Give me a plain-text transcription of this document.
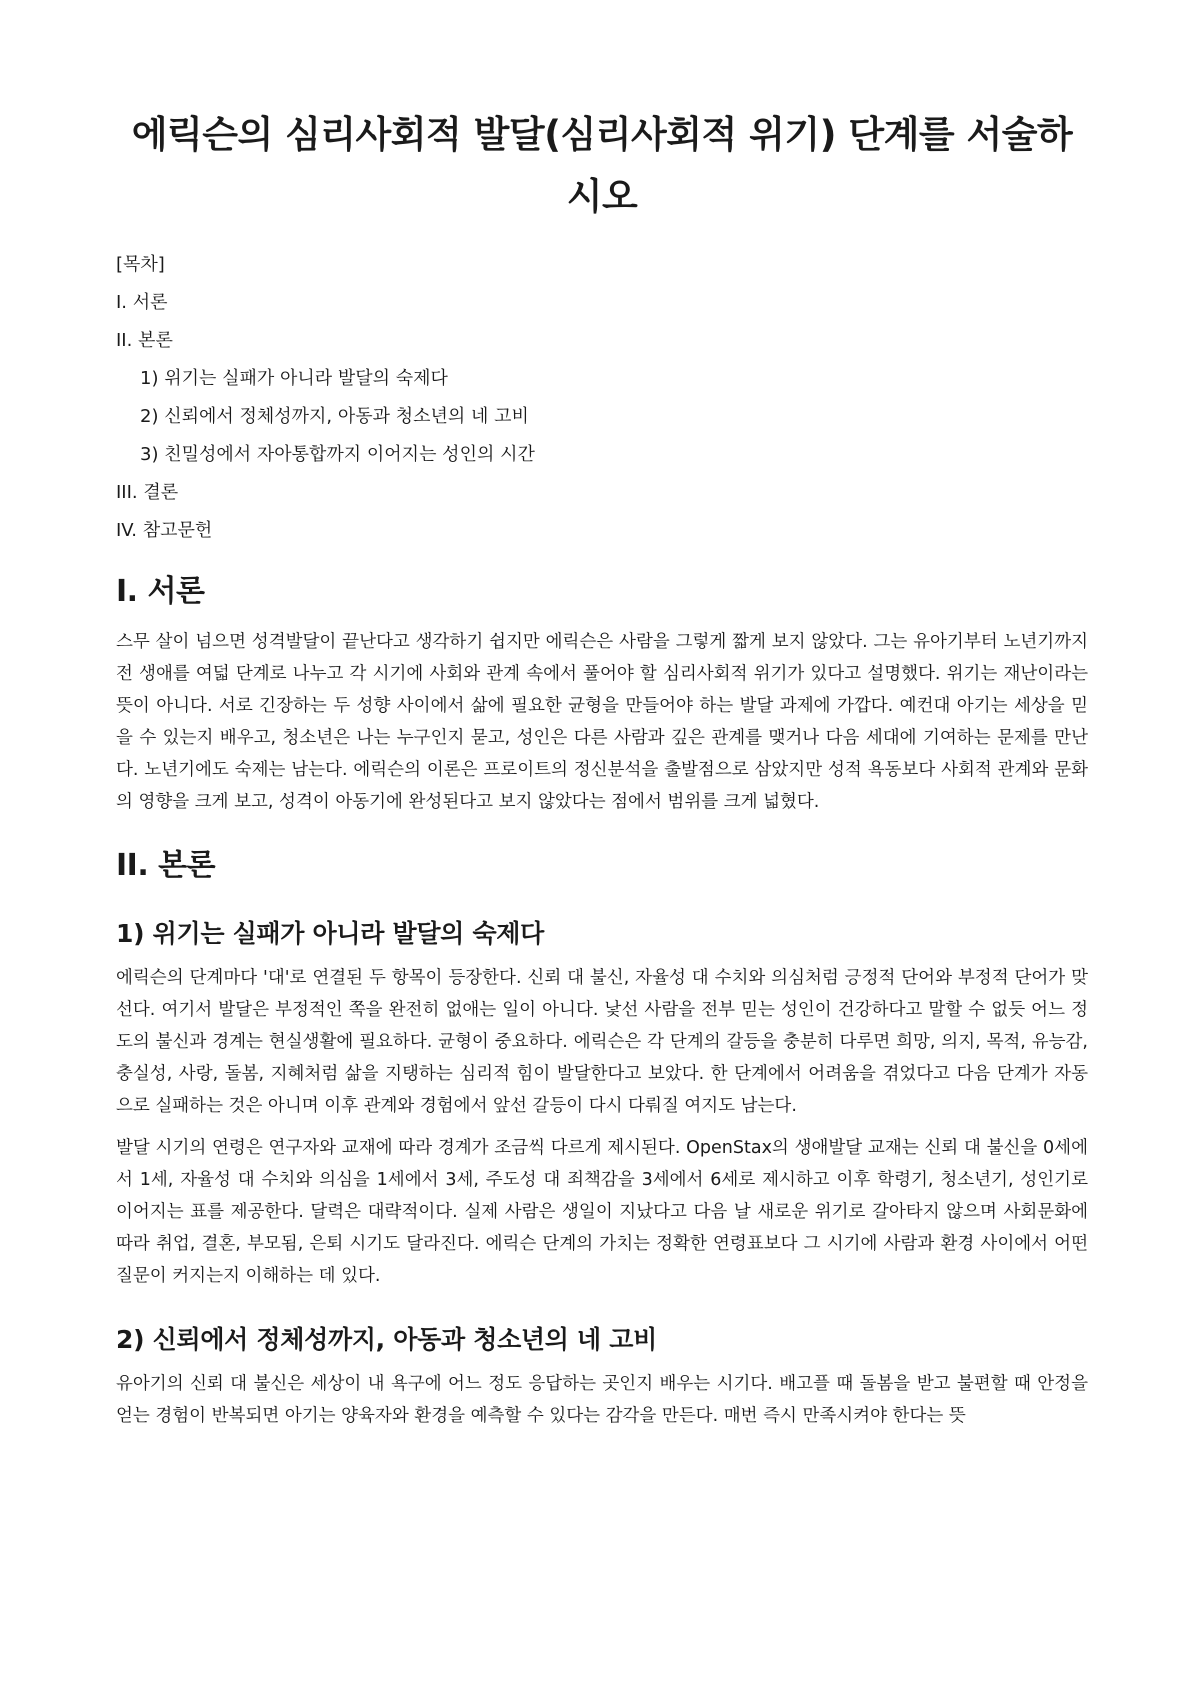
에릭슨의 심리사회적 발달(심리사회적 위기) 단계를 서술하시오
[목차]
I. 서론
II. 본론
1) 위기는 실패가 아니라 발달의 숙제다
2) 신뢰에서 정체성까지, 아동과 청소년의 네 고비
3) 친밀성에서 자아통합까지 이어지는 성인의 시간
III. 결론
IV. 참고문헌
I. 서론

스무 살이 넘으면 성격발달이 끝난다고 생각하기 쉽지만 에릭슨은 사람을 그렇게 짧게 보지 않았다. 그는 유아기부터 노년기까지 전 생애를 여덟 단계로 나누고 각 시기에 사회와 관계 속에서 풀어야 할 심리사회적 위기가 있다고 설명했다. 위기는 재난이라는 뜻이 아니다. 서로 긴장하는 두 성향 사이에서 삶에 필요한 균형을 만들어야 하는 발달 과제에 가깝다. 예컨대 아기는 세상을 믿을 수 있는지 배우고, 청소년은 나는 누구인지 묻고, 성인은 다른 사람과 깊은 관계를 맺거나 다음 세대에 기여하는 문제를 만난다. 노년기에도 숙제는 남는다. 에릭슨의 이론은 프로이트의 정신분석을 출발점으로 삼았지만 성적 욕동보다 사회적 관계와 문화의 영향을 크게 보고, 성격이 아동기에 완성된다고 보지 않았다는 점에서 범위를 크게 넓혔다.

II. 본론
1) 위기는 실패가 아니라 발달의 숙제다

에릭슨의 단계마다 '대'로 연결된 두 항목이 등장한다. 신뢰 대 불신, 자율성 대 수치와 의심처럼 긍정적 단어와 부정적 단어가 맞선다. 여기서 발달은 부정적인 쪽을 완전히 없애는 일이 아니다. 낯선 사람을 전부 믿는 성인이 건강하다고 말할 수 없듯 어느 정도의 불신과 경계는 현실생활에 필요하다. 균형이 중요하다. 에릭슨은 각 단계의 갈등을 충분히 다루면 희망, 의지, 목적, 유능감, 충실성, 사랑, 돌봄, 지혜처럼 삶을 지탱하는 심리적 힘이 발달한다고 보았다. 한 단계에서 어려움을 겪었다고 다음 단계가 자동으로 실패하는 것은 아니며 이후 관계와 경험에서 앞선 갈등이 다시 다뤄질 여지도 남는다.

발달 시기의 연령은 연구자와 교재에 따라 경계가 조금씩 다르게 제시된다. OpenStax의 생애발달 교재는 신뢰 대 불신을 0세에서 1세, 자율성 대 수치와 의심을 1세에서 3세, 주도성 대 죄책감을 3세에서 6세로 제시하고 이후 학령기, 청소년기, 성인기로 이어지는 표를 제공한다. 달력은 대략적이다. 실제 사람은 생일이 지났다고 다음 날 새로운 위기로 갈아타지 않으며 사회문화에 따라 취업, 결혼, 부모됨, 은퇴 시기도 달라진다. 에릭슨 단계의 가치는 정확한 연령표보다 그 시기에 사람과 환경 사이에서 어떤 질문이 커지는지 이해하는 데 있다.

2) 신뢰에서 정체성까지, 아동과 청소년의 네 고비

유아기의 신뢰 대 불신은 세상이 내 욕구에 어느 정도 응답하는 곳인지 배우는 시기다. 배고플 때 돌봄을 받고 불편할 때 안정을 얻는 경험이 반복되면 아기는 양육자와 환경을 예측할 수 있다는 감각을 만든다. 매번 즉시 만족시켜야 한다는 뜻
